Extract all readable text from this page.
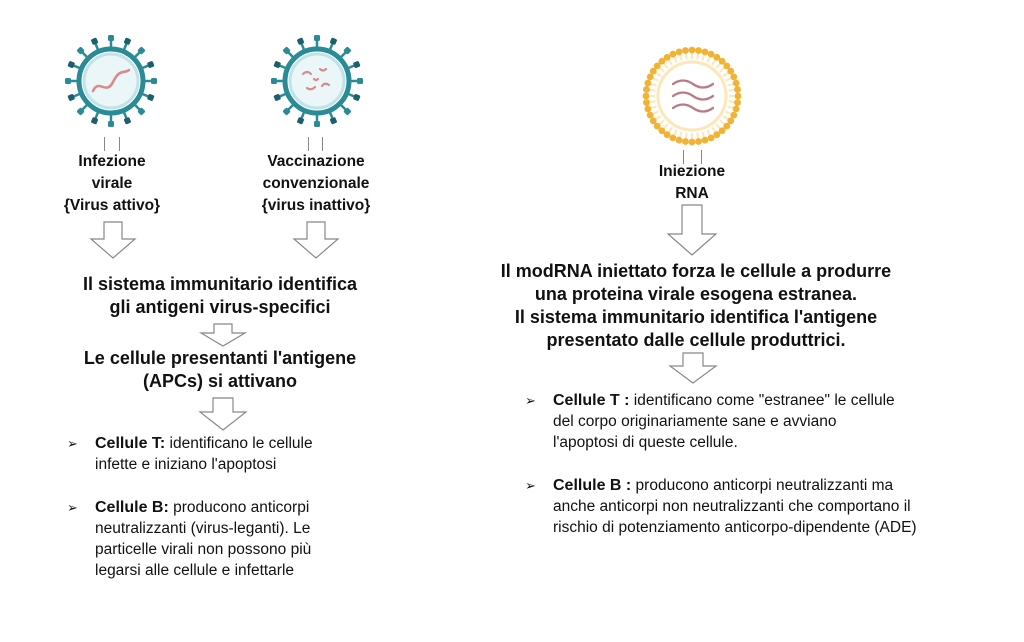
Infezione
virale
{Virus attivo}
Vaccinazione
convenzionale
{virus inattivo}
Il sistema immunitario identifica
gli antigeni virus-specifici
Le cellule presentanti l'antigene
(APCs) si attivano
➢ Cellule T: identificano le cellule
infette e iniziano l'apoptosi
➢ Cellule B: producono anticorpi
neutralizzanti (virus-leganti). Le
particelle virali non possono più
legarsi alle cellule e infettarle
Iniezione
RNA
Il modRNA iniettato forza le cellule a produrre
una proteina virale esogena estranea.
Il sistema immunitario identifica l'antigene
presentato dalle cellule produttrici.
➢ Cellule T : identificano come "estranee" le cellule
del corpo originariamente sane e avviano
l'apoptosi di queste cellule.
➢ Cellule B : producono anticorpi neutralizzanti ma
anche anticorpi non neutralizzanti che comportano il
rischio di potenziamento anticorpo-dipendente (ADE)
